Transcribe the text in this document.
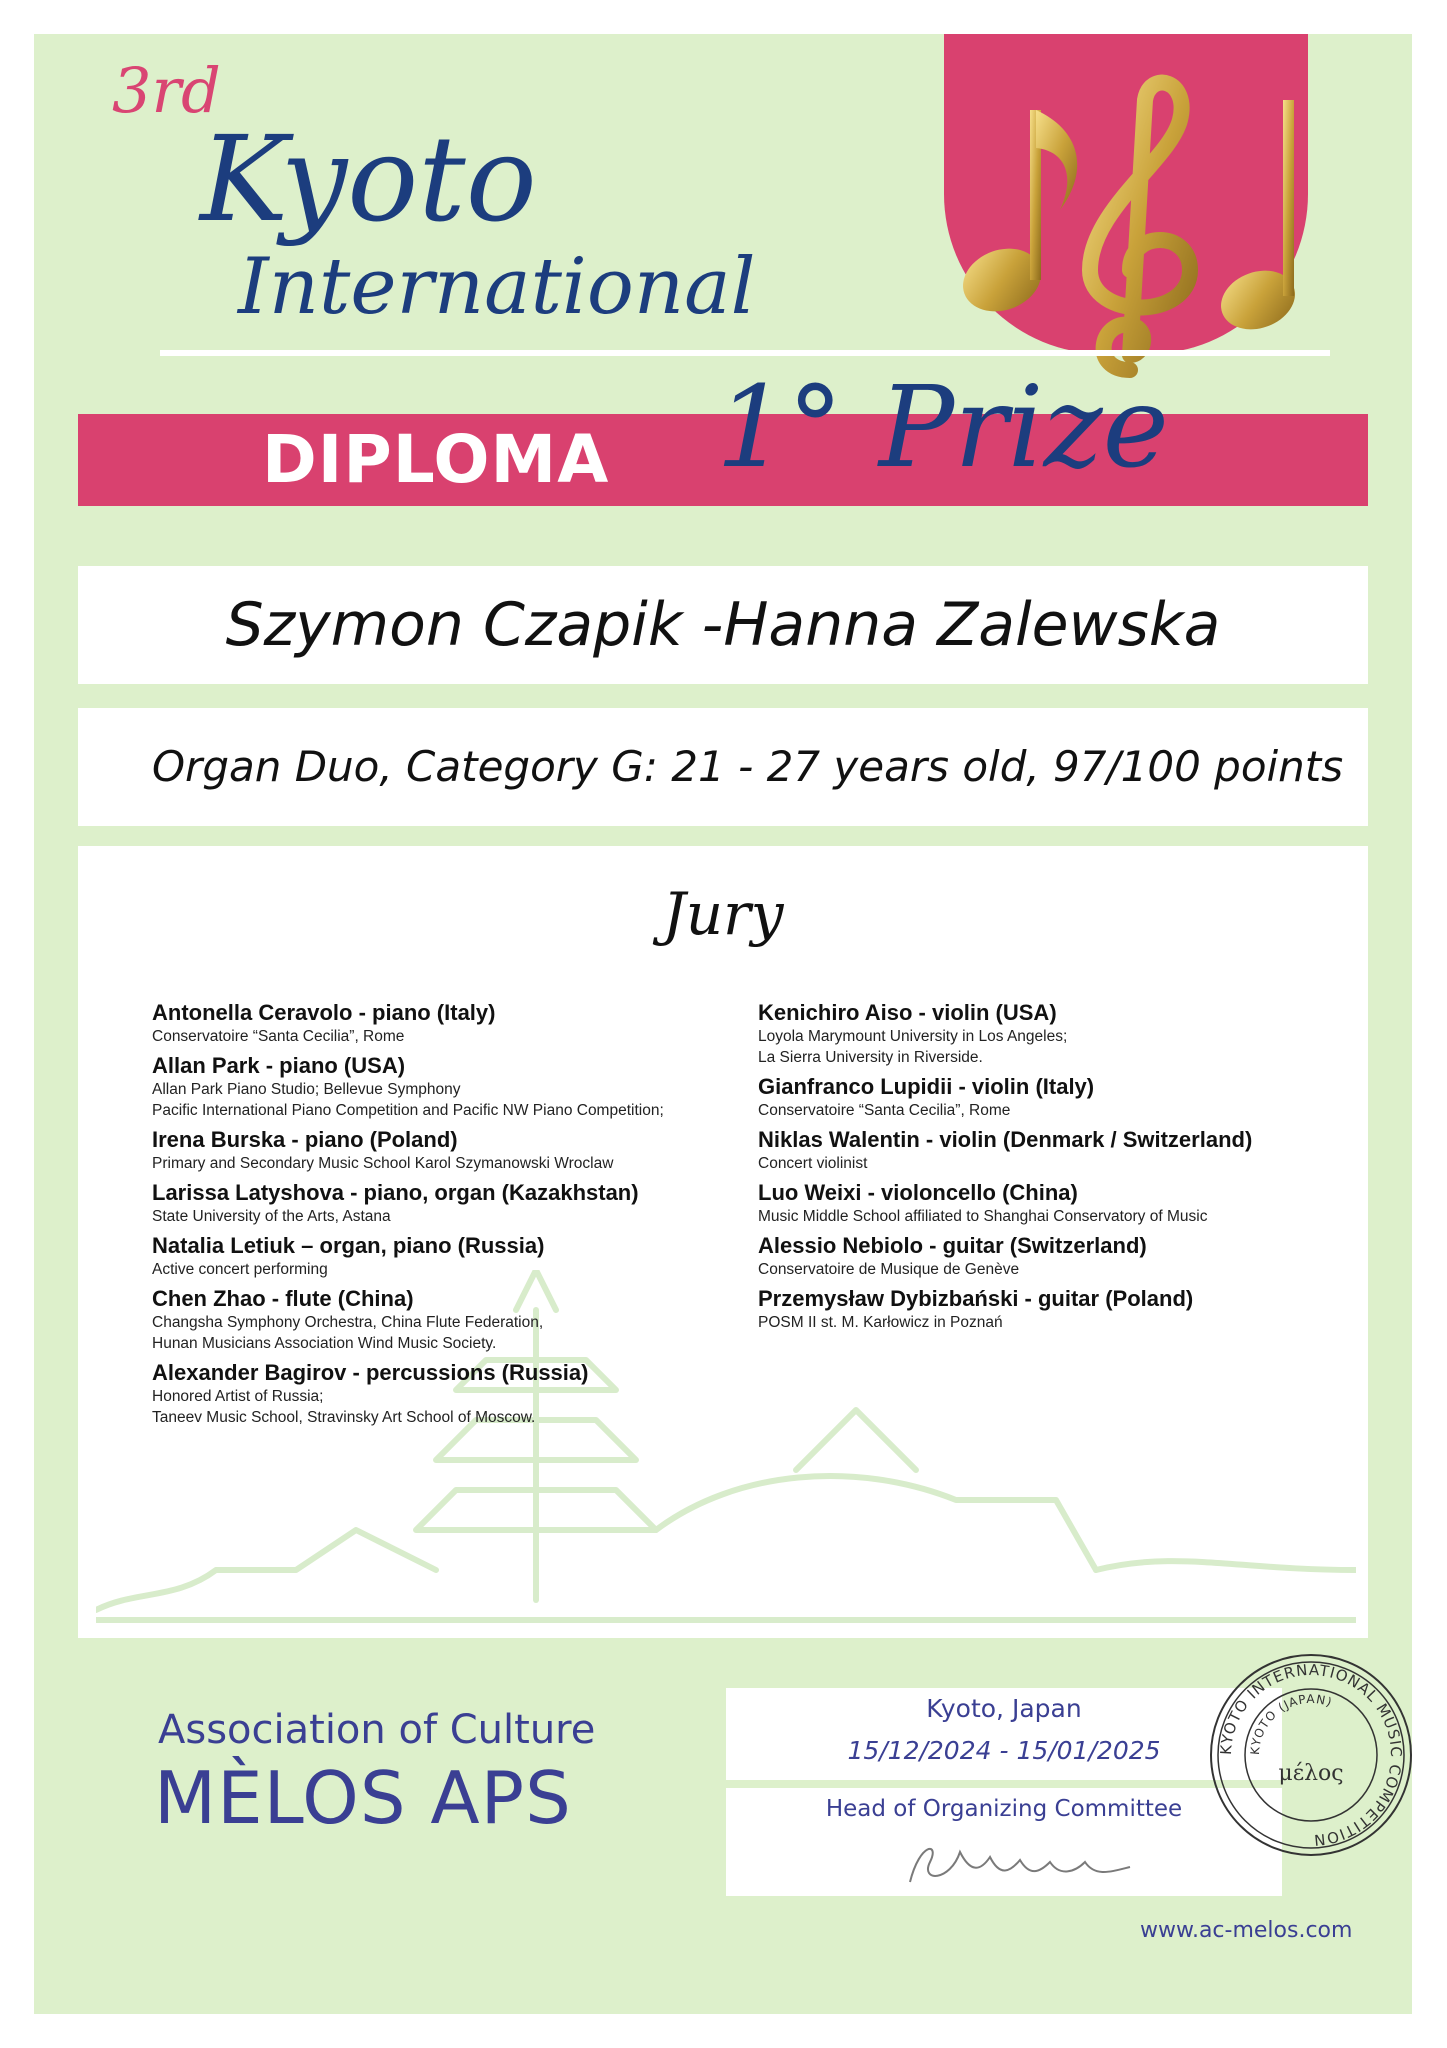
3rd
Kyoto
International
DIPLOMA 1° Prize
Szymon Czapik -Hanna Zalewska
Organ Duo, Category G: 21 - 27 years old, 97/100 points
Jury
Antonella Ceravolo - piano (Italy)
Conservatoire “Santa Cecilia”, Rome
Allan Park - piano (USA)
Allan Park Piano Studio; Bellevue Symphony
Pacific International Piano Competition and Pacific NW Piano Competition;
Irena Burska - piano (Poland)
Primary and Secondary Music School Karol Szymanowski Wroclaw
Larissa Latyshova - piano, organ (Kazakhstan)
State University of the Arts, Astana
Natalia Letiuk – organ, piano (Russia)
Active concert performing
Chen Zhao - flute (China)
Changsha Symphony Orchestra, China Flute Federation,
Hunan Musicians Association Wind Music Society.
Alexander Bagirov - percussions (Russia)
Honored Artist of Russia;
Taneev Music School, Stravinsky Art School of Moscow.
Kenichiro Aiso - violin (USA)
Loyola Marymount University in Los Angeles;
La Sierra University in Riverside.
Gianfranco Lupidii - violin (Italy)
Conservatoire “Santa Cecilia”, Rome
Niklas Walentin - violin (Denmark / Switzerland)
Concert violinist
Luo Weixi - violoncello (China)
Music Middle School affiliated to Shanghai Conservatory of Music
Alessio Nebiolo - guitar (Switzerland)
Conservatoire de Musique de Genève
Przemysław Dybizbański - guitar (Poland)
POSM II st. M. Karłowicz in Poznań
Association of Culture
MÈLOS APS
Kyoto, Japan
15/12/2024 - 15/01/2025
Head of Organizing Committee
KYOTO INTERNATIONAL MUSIC COMPETITION
KYOTO (JAPAN)
μέλος
www.ac-melos.com
